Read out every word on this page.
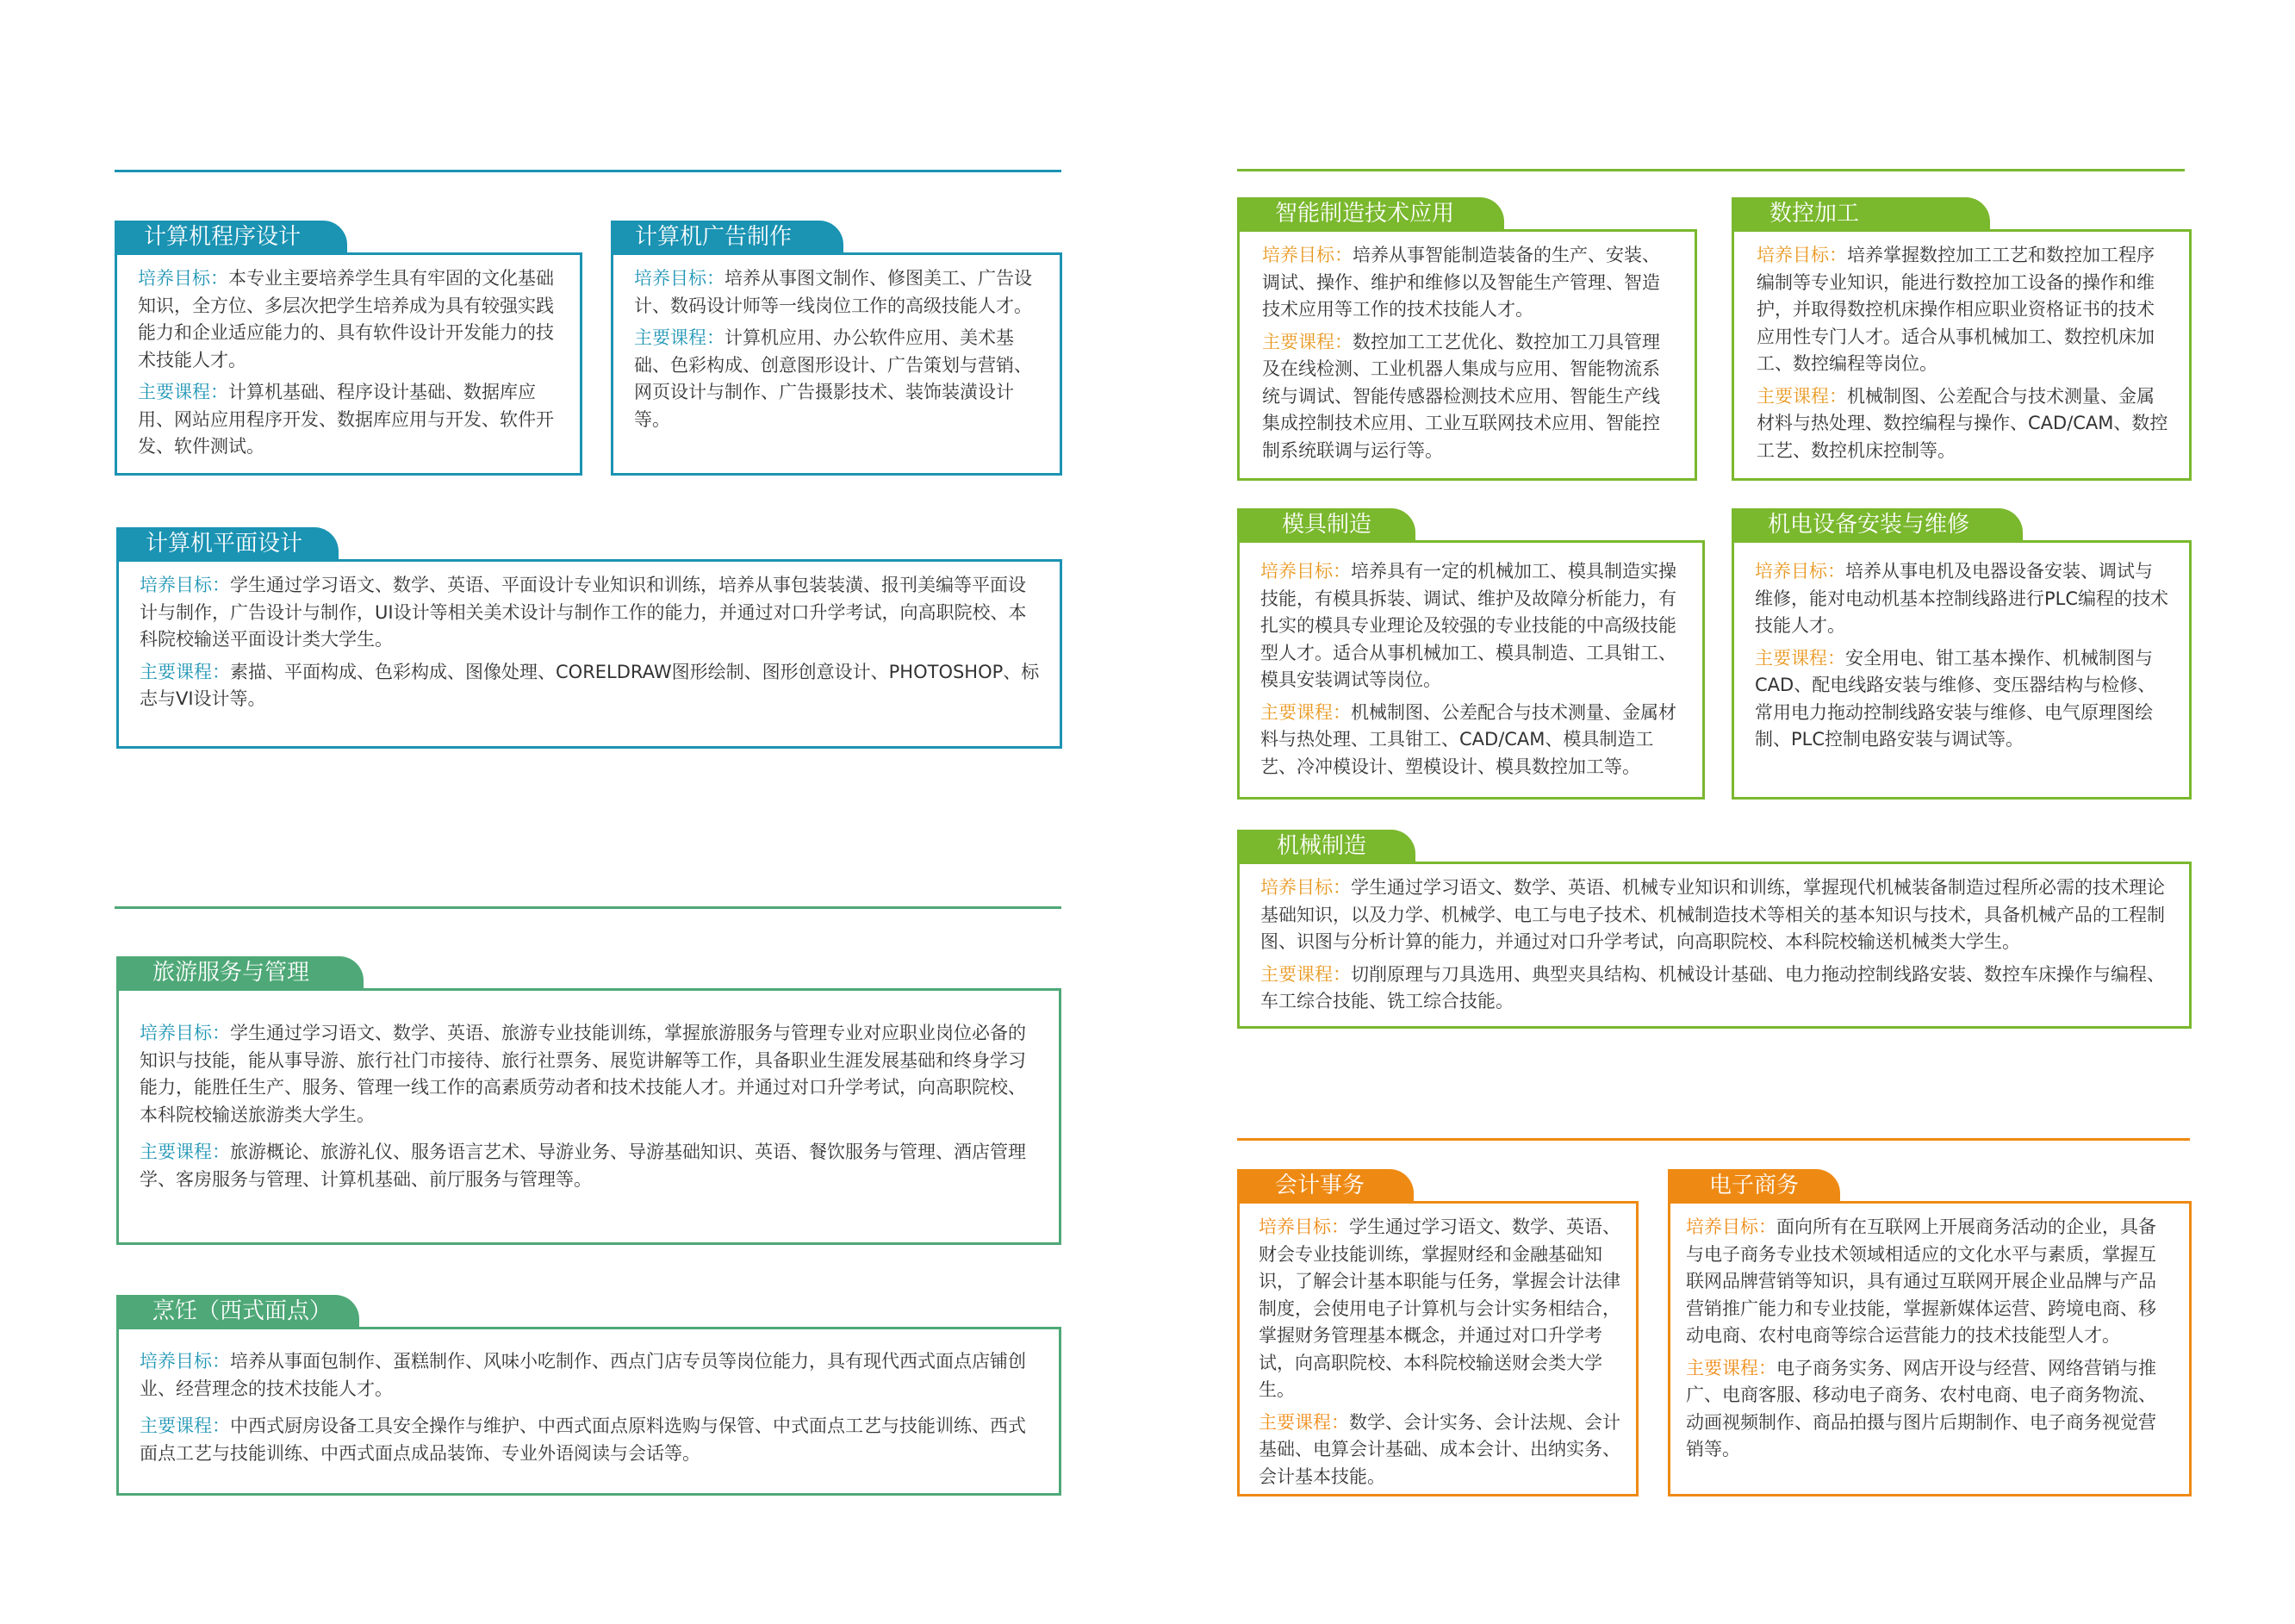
计算机程序设计

培养目标：本专业主要培养学生具有牢固的文化基础知识，全方位、多层次把学生培养成为具有较强实践能力和企业适应能力的、具有软件设计开发能力的技术技能人才。

主要课程：计算机基础、程序设计基础、数据库应用、网站应用程序开发、数据库应用与开发、软件开发、软件测试。

计算机广告制作

培养目标：培养从事图文制作、修图美工、广告设计、数码设计师等一线岗位工作的高级技能人才。

主要课程：计算机应用、办公软件应用、美术基础、色彩构成、创意图形设计、广告策划与营销、网页设计与制作、广告摄影技术、装饰装潢设计等。

计算机平面设计

培养目标：学生通过学习语文、数学、英语、平面设计专业知识和训练，培养从事包装装潢、报刊美编等平面设计与制作，广告设计与制作，UI设计等相关美术设计与制作工作的能力，并通过对口升学考试，向高职院校、本科院校输送平面设计类大学生。

主要课程：素描、平面构成、色彩构成、图像处理、CORELDRAW图形绘制、图形创意设计、PHOTOSHOP、标志与VI设计等。

旅游服务与管理

培养目标：学生通过学习语文、数学、英语、旅游专业技能训练，掌握旅游服务与管理专业对应职业岗位必备的知识与技能，能从事导游、旅行社门市接待、旅行社票务、展览讲解等工作，具备职业生涯发展基础和终身学习能力，能胜任生产、服务、管理一线工作的高素质劳动者和技术技能人才。并通过对口升学考试，向高职院校、本科院校输送旅游类大学生。

主要课程：旅游概论、旅游礼仪、服务语言艺术、导游业务、导游基础知识、英语、餐饮服务与管理、酒店管理学、客房服务与管理、计算机基础、前厅服务与管理等。

烹饪（西式面点）

培养目标：培养从事面包制作、蛋糕制作、风味小吃制作、西点门店专员等岗位能力，具有现代西式面点店铺创业、经营理念的技术技能人才。

主要课程：中西式厨房设备工具安全操作与维护、中西式面点原料选购与保管、中式面点工艺与技能训练、西式面点工艺与技能训练、中西式面点成品装饰、专业外语阅读与会话等。

智能制造技术应用

培养目标：培养从事智能制造装备的生产、安装、调试、操作、维护和维修以及智能生产管理、智造技术应用等工作的技术技能人才。

主要课程：数控加工工艺优化、数控加工刀具管理及在线检测、工业机器人集成与应用、智能物流系统与调试、智能传感器检测技术应用、智能生产线集成控制技术应用、工业互联网技术应用、智能控制系统联调与运行等。

数控加工

培养目标：培养掌握数控加工工艺和数控加工程序编制等专业知识，能进行数控加工设备的操作和维护，并取得数控机床操作相应职业资格证书的技术应用性专门人才。适合从事机械加工、数控机床加工、数控编程等岗位。

主要课程：机械制图、公差配合与技术测量、金属材料与热处理、数控编程与操作、CAD/CAM、数控工艺、数控机床控制等。

模具制造

培养目标：培养具有一定的机械加工、模具制造实操技能，有模具拆装、调试、维护及故障分析能力，有扎实的模具专业理论及较强的专业技能的中高级技能型人才。适合从事机械加工、模具制造、工具钳工、模具安装调试等岗位。

主要课程：机械制图、公差配合与技术测量、金属材料与热处理、工具钳工、CAD/CAM、模具制造工艺、冷冲模设计、塑模设计、模具数控加工等。

机电设备安装与维修

培养目标：培养从事电机及电器设备安装、调试与维修，能对电动机基本控制线路进行PLC编程的技术技能人才。

主要课程：安全用电、钳工基本操作、机械制图与CAD、配电线路安装与维修、变压器结构与检修、常用电力拖动控制线路安装与维修、电气原理图绘制、PLC控制电路安装与调试等。

机械制造

培养目标：学生通过学习语文、数学、英语、机械专业知识和训练，掌握现代机械装备制造过程所必需的技术理论基础知识，以及力学、机械学、电工与电子技术、机械制造技术等相关的基本知识与技术，具备机械产品的工程制图、识图与分析计算的能力，并通过对口升学考试，向高职院校、本科院校输送机械类大学生。

主要课程：切削原理与刀具选用、典型夹具结构、机械设计基础、电力拖动控制线路安装、数控车床操作与编程、车工综合技能、铣工综合技能。

会计事务

培养目标：学生通过学习语文、数学、英语、财会专业技能训练，掌握财经和金融基础知识，了解会计基本职能与任务，掌握会计法律制度，会使用电子计算机与会计实务相结合，掌握财务管理基本概念，并通过对口升学考试，向高职院校、本科院校输送财会类大学生。

主要课程：数学、会计实务、会计法规、会计基础、电算会计基础、成本会计、出纳实务、会计基本技能。

电子商务

培养目标：面向所有在互联网上开展商务活动的企业，具备与电子商务专业技术领域相适应的文化水平与素质，掌握互联网品牌营销等知识，具有通过互联网开展企业品牌与产品营销推广能力和专业技能，掌握新媒体运营、跨境电商、移动电商、农村电商等综合运营能力的技术技能型人才。

主要课程：电子商务实务、网店开设与经营、网络营销与推广、电商客服、移动电子商务、农村电商、电子商务物流、动画视频制作、商品拍摄与图片后期制作、电子商务视觉营销等。
